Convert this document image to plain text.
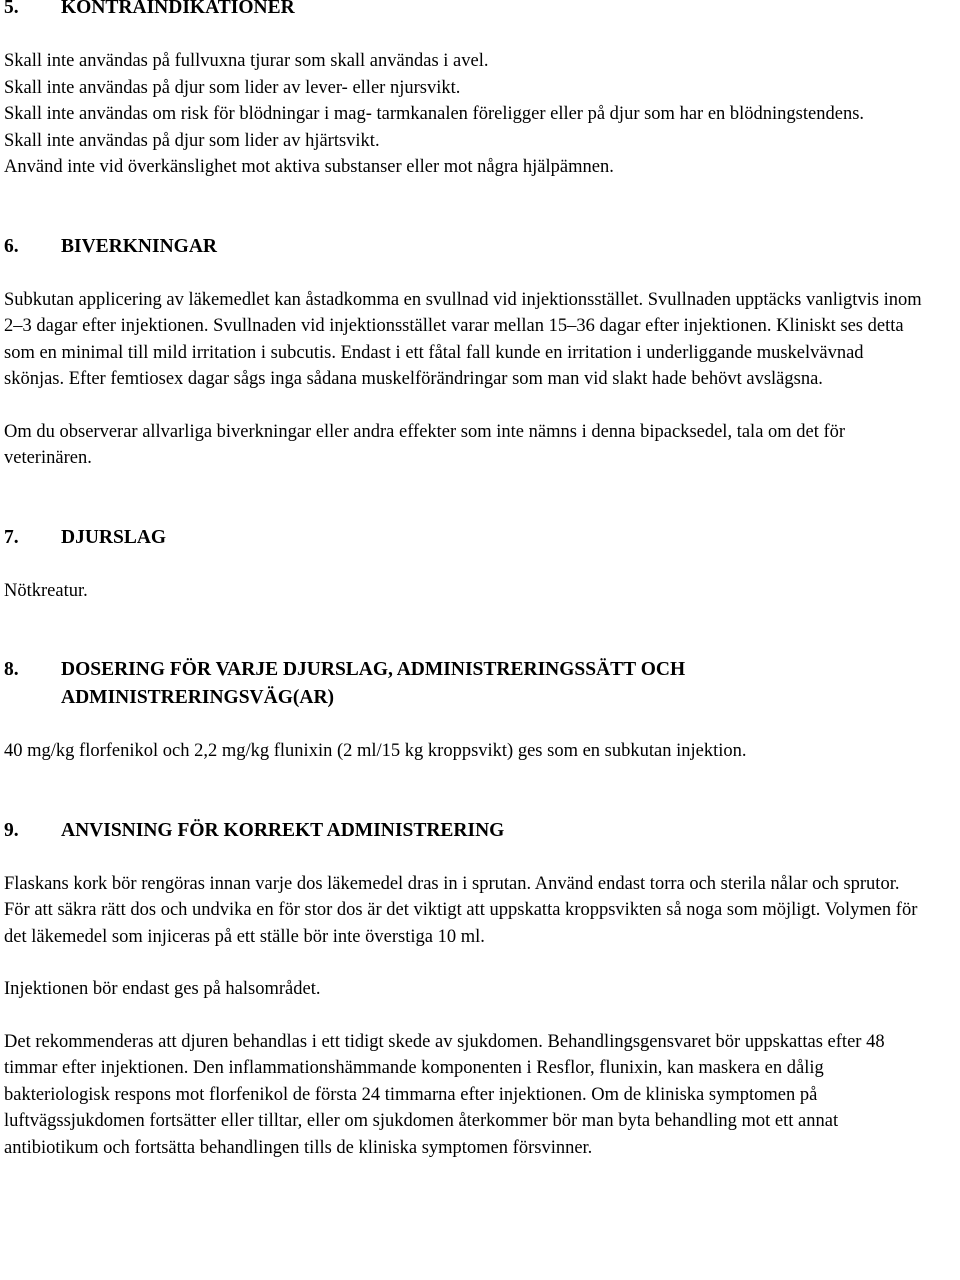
5.	KONTRAINDIKATIONER

Skall inte användas på fullvuxna tjurar som skall användas i avel.

Skall inte användas på djur som lider av lever- eller njursvikt.

Skall inte användas om risk för blödningar i mag- tarmkanalen föreligger eller på djur som har en blödningstendens.

Skall inte användas på djur som lider av hjärtsvikt.

Använd inte vid överkänslighet mot aktiva substanser eller mot några hjälpämnen.

6.	BIVERKNINGAR

Subkutan applicering av läkemedlet kan åstadkomma en svullnad vid injektionsstället. Svullnaden upptäcks vanligtvis inom 2–3 dagar efter injektionen. Svullnaden vid injektionsstället varar mellan 15–36 dagar efter injektionen. Kliniskt ses detta som en minimal till mild irritation i subcutis. Endast i ett fåtal fall kunde en irritation i underliggande muskelvävnad skönjas. Efter femtiosex dagar sågs inga sådana muskelförändringar som man vid slakt hade behövt avslägsna.

Om du observerar allvarliga biverkningar eller andra effekter som inte nämns i denna bipacksedel, tala om det för veterinären.

7.	DJURSLAG

Nötkreatur.

8.	DOSERING FÖR VARJE DJURSLAG, ADMINISTRERINGSSÄTT OCH ADMINISTRERINGSVÄG(AR)

40 mg/kg florfenikol och 2,2 mg/kg flunixin (2 ml/15 kg kroppsvikt) ges som en subkutan injektion.

9.	ANVISNING FÖR KORREKT ADMINISTRERING

Flaskans kork bör rengöras innan varje dos läkemedel dras in i sprutan. Använd endast torra och sterila nålar och sprutor.

För att säkra rätt dos och undvika en för stor dos är det viktigt att uppskatta kroppsvikten så noga som möjligt. Volymen för det läkemedel som injiceras på ett ställe bör inte överstiga 10 ml.

Injektionen bör endast ges på halsområdet.

Det rekommenderas att djuren behandlas i ett tidigt skede av sjukdomen. Behandlingsgensvaret bör uppskattas efter 48 timmar efter injektionen. Den inflammationshämmande komponenten i Resflor, flunixin, kan maskera en dålig bakteriologisk respons mot florfenikol de första 24 timmarna efter injektionen. Om de kliniska symptomen på luftvägssjukdomen fortsätter eller tilltar, eller om sjukdomen återkommer bör man byta behandling mot ett annat antibiotikum och fortsätta behandlingen tills de kliniska symptomen försvinner.
